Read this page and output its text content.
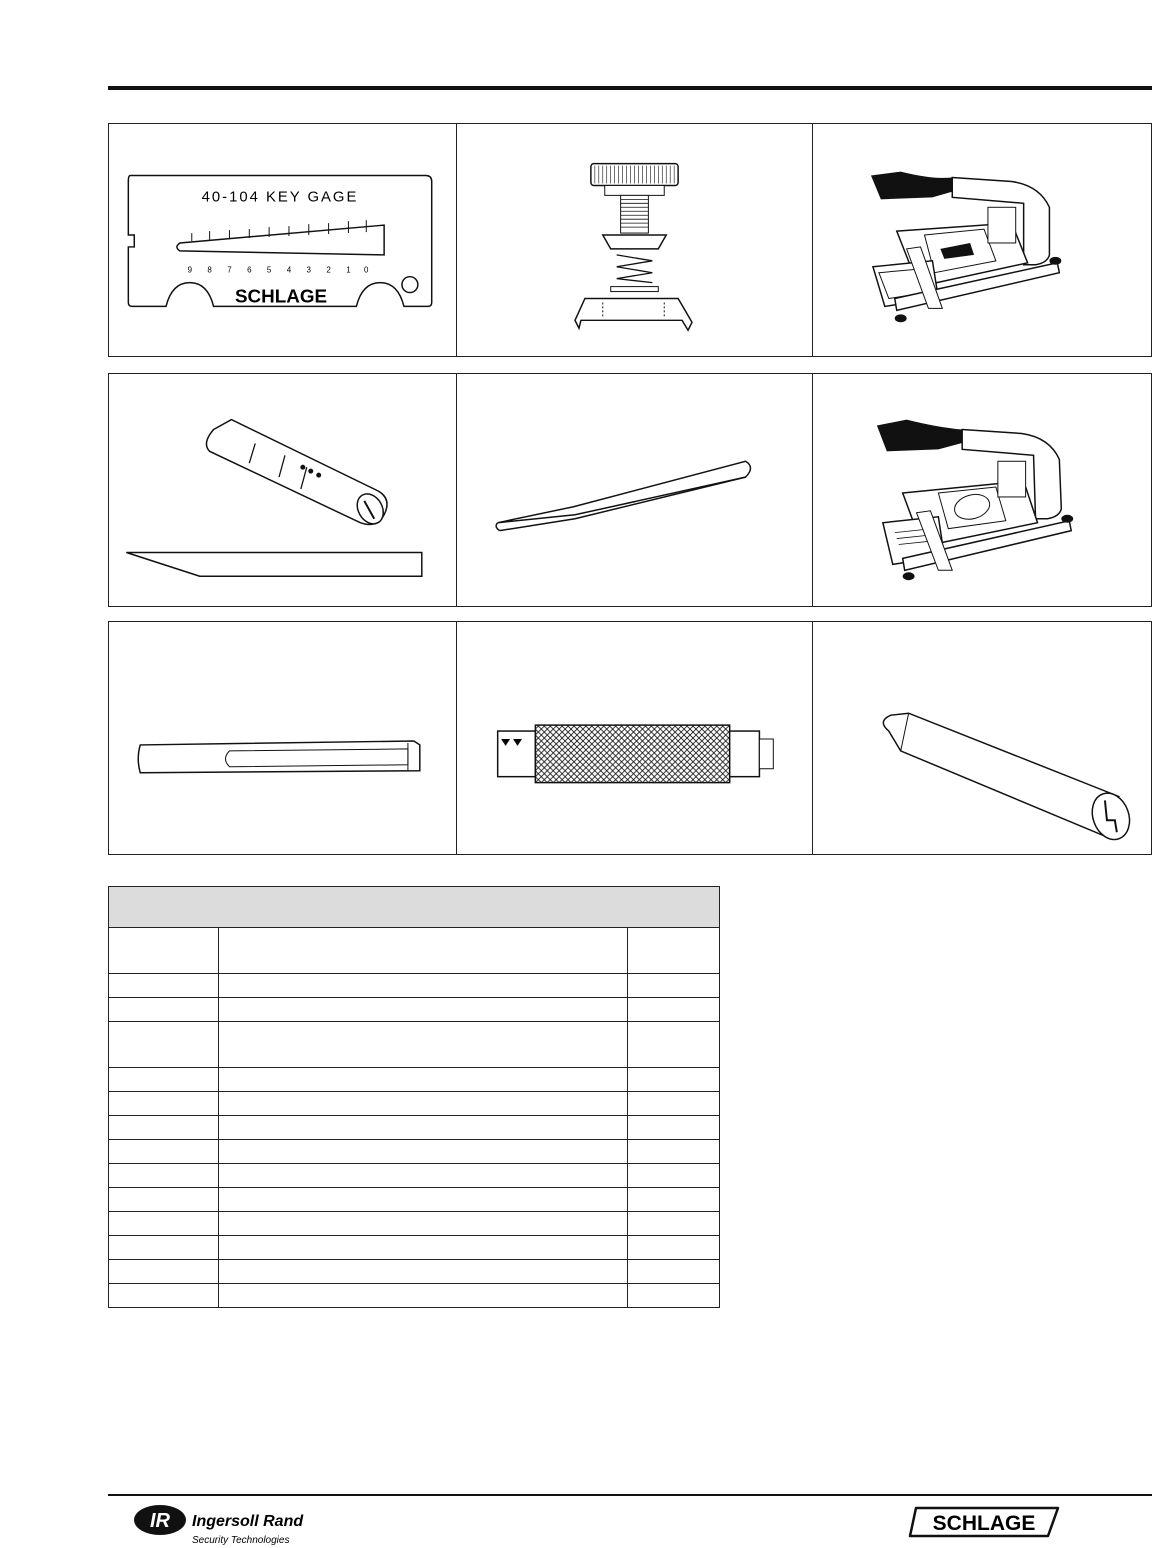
40-104 KEY GAGE
9 8 7 6 5 4 3 2 1 0
SCHLAGE

IR Ingersoll Rand
Security Technologies
SCHLAGE
